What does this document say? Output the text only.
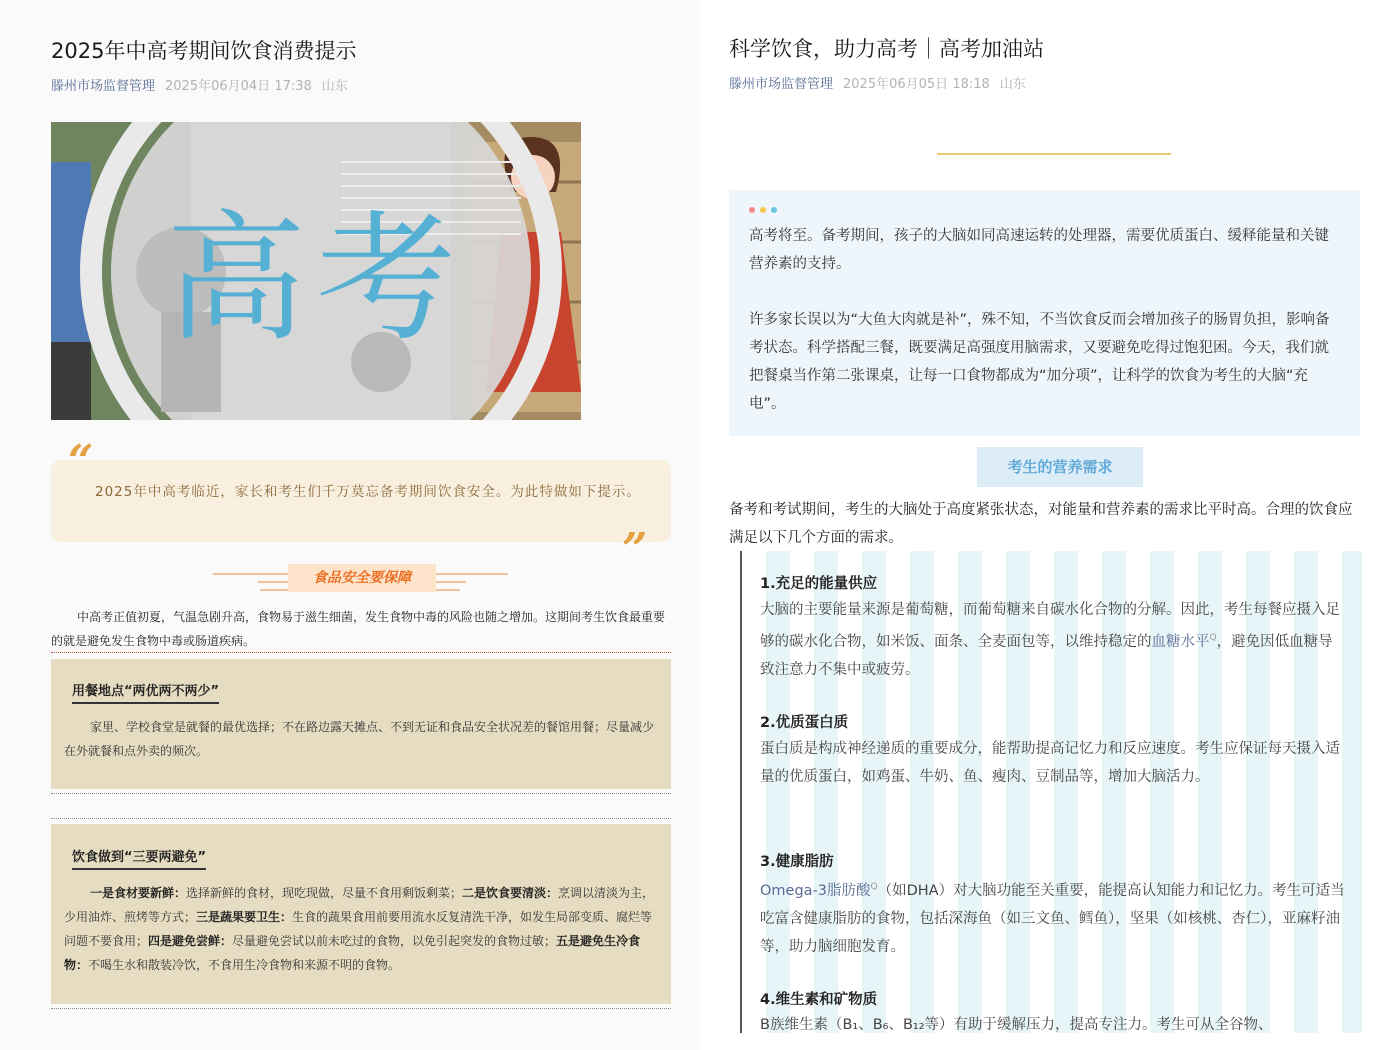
2025年中高考期间饮食消费提示
滕州市场监督管理 2025年06月04日 17:38 山东
高考
2025年中高考临近，家长和考生们千万莫忘备考期间饮食安全。为此特做如下提示。
“
”
食品安全要保障
中高考正值初夏，气温急剧升高，食物易于滋生细菌，发生食物中毒的风险也随之增加。这期间考生饮食最重要的就是避免发生食物中毒或肠道疾病。
用餐地点“两优两不两少”
家里、学校食堂是就餐的最优选择；不在路边露天摊点、不到无证和食品安全状况差的餐馆用餐；尽量减少在外就餐和点外卖的频次。
饮食做到“三要两避免”
一是食材要新鲜：选择新鲜的食材，现吃现做，尽量不食用剩饭剩菜；二是饮食要清淡：烹调以清淡为主，少用油炸、煎烤等方式；三是蔬果要卫生：生食的蔬果食用前要用流水反复清洗干净，如发生局部变质、腐烂等问题不要食用；四是避免尝鲜：尽量避免尝试以前未吃过的食物，以免引起突发的食物过敏；五是避免生冷食物：不喝生水和散装冷饮，不食用生冷食物和来源不明的食物。
科学饮食，助力高考｜高考加油站
滕州市场监督管理 2025年06月05日 18:18 山东
高考将至。备考期间，孩子的大脑如同高速运转的处理器，需要优质蛋白、缓释能量和关键营养素的支持。
许多家长误以为“大鱼大肉就是补”，殊不知，不当饮食反而会增加孩子的肠胃负担，影响备考状态。科学搭配三餐，既要满足高强度用脑需求，又要避免吃得过饱犯困。今天，我们就把餐桌当作第二张课桌，让每一口食物都成为“加分项”，让科学的饮食为考生的大脑“充电”。
考生的营养需求
备考和考试期间，考生的大脑处于高度紧张状态，对能量和营养素的需求比平时高。合理的饮食应满足以下几个方面的需求。
1.充足的能量供应
大脑的主要能量来源是葡萄糖，而葡萄糖来自碳水化合物的分解。因此，考生每餐应摄入足够的碳水化合物，如米饭、面条、全麦面包等，以维持稳定的血糖水平$^Q$，避免因低血糖导致注意力不集中或疲劳。
2.优质蛋白质
蛋白质是构成神经递质的重要成分，能帮助提高记忆力和反应速度。考生应保证每天摄入适量的优质蛋白，如鸡蛋、牛奶、鱼、瘦肉、豆制品等，增加大脑活力。
3.健康脂肪
Omega-3脂肪酸$^Q$（如DHA）对大脑功能至关重要，能提高认知能力和记忆力。考生可适当吃富含健康脂肪的食物，包括深海鱼（如三文鱼、鳕鱼），坚果（如核桃、杏仁），亚麻籽油等，助力脑细胞发育。
4.维生素和矿物质
B族维生素（B₁、B₆、B₁₂等）有助于缓解压力，提高专注力。考生可从全谷物、
